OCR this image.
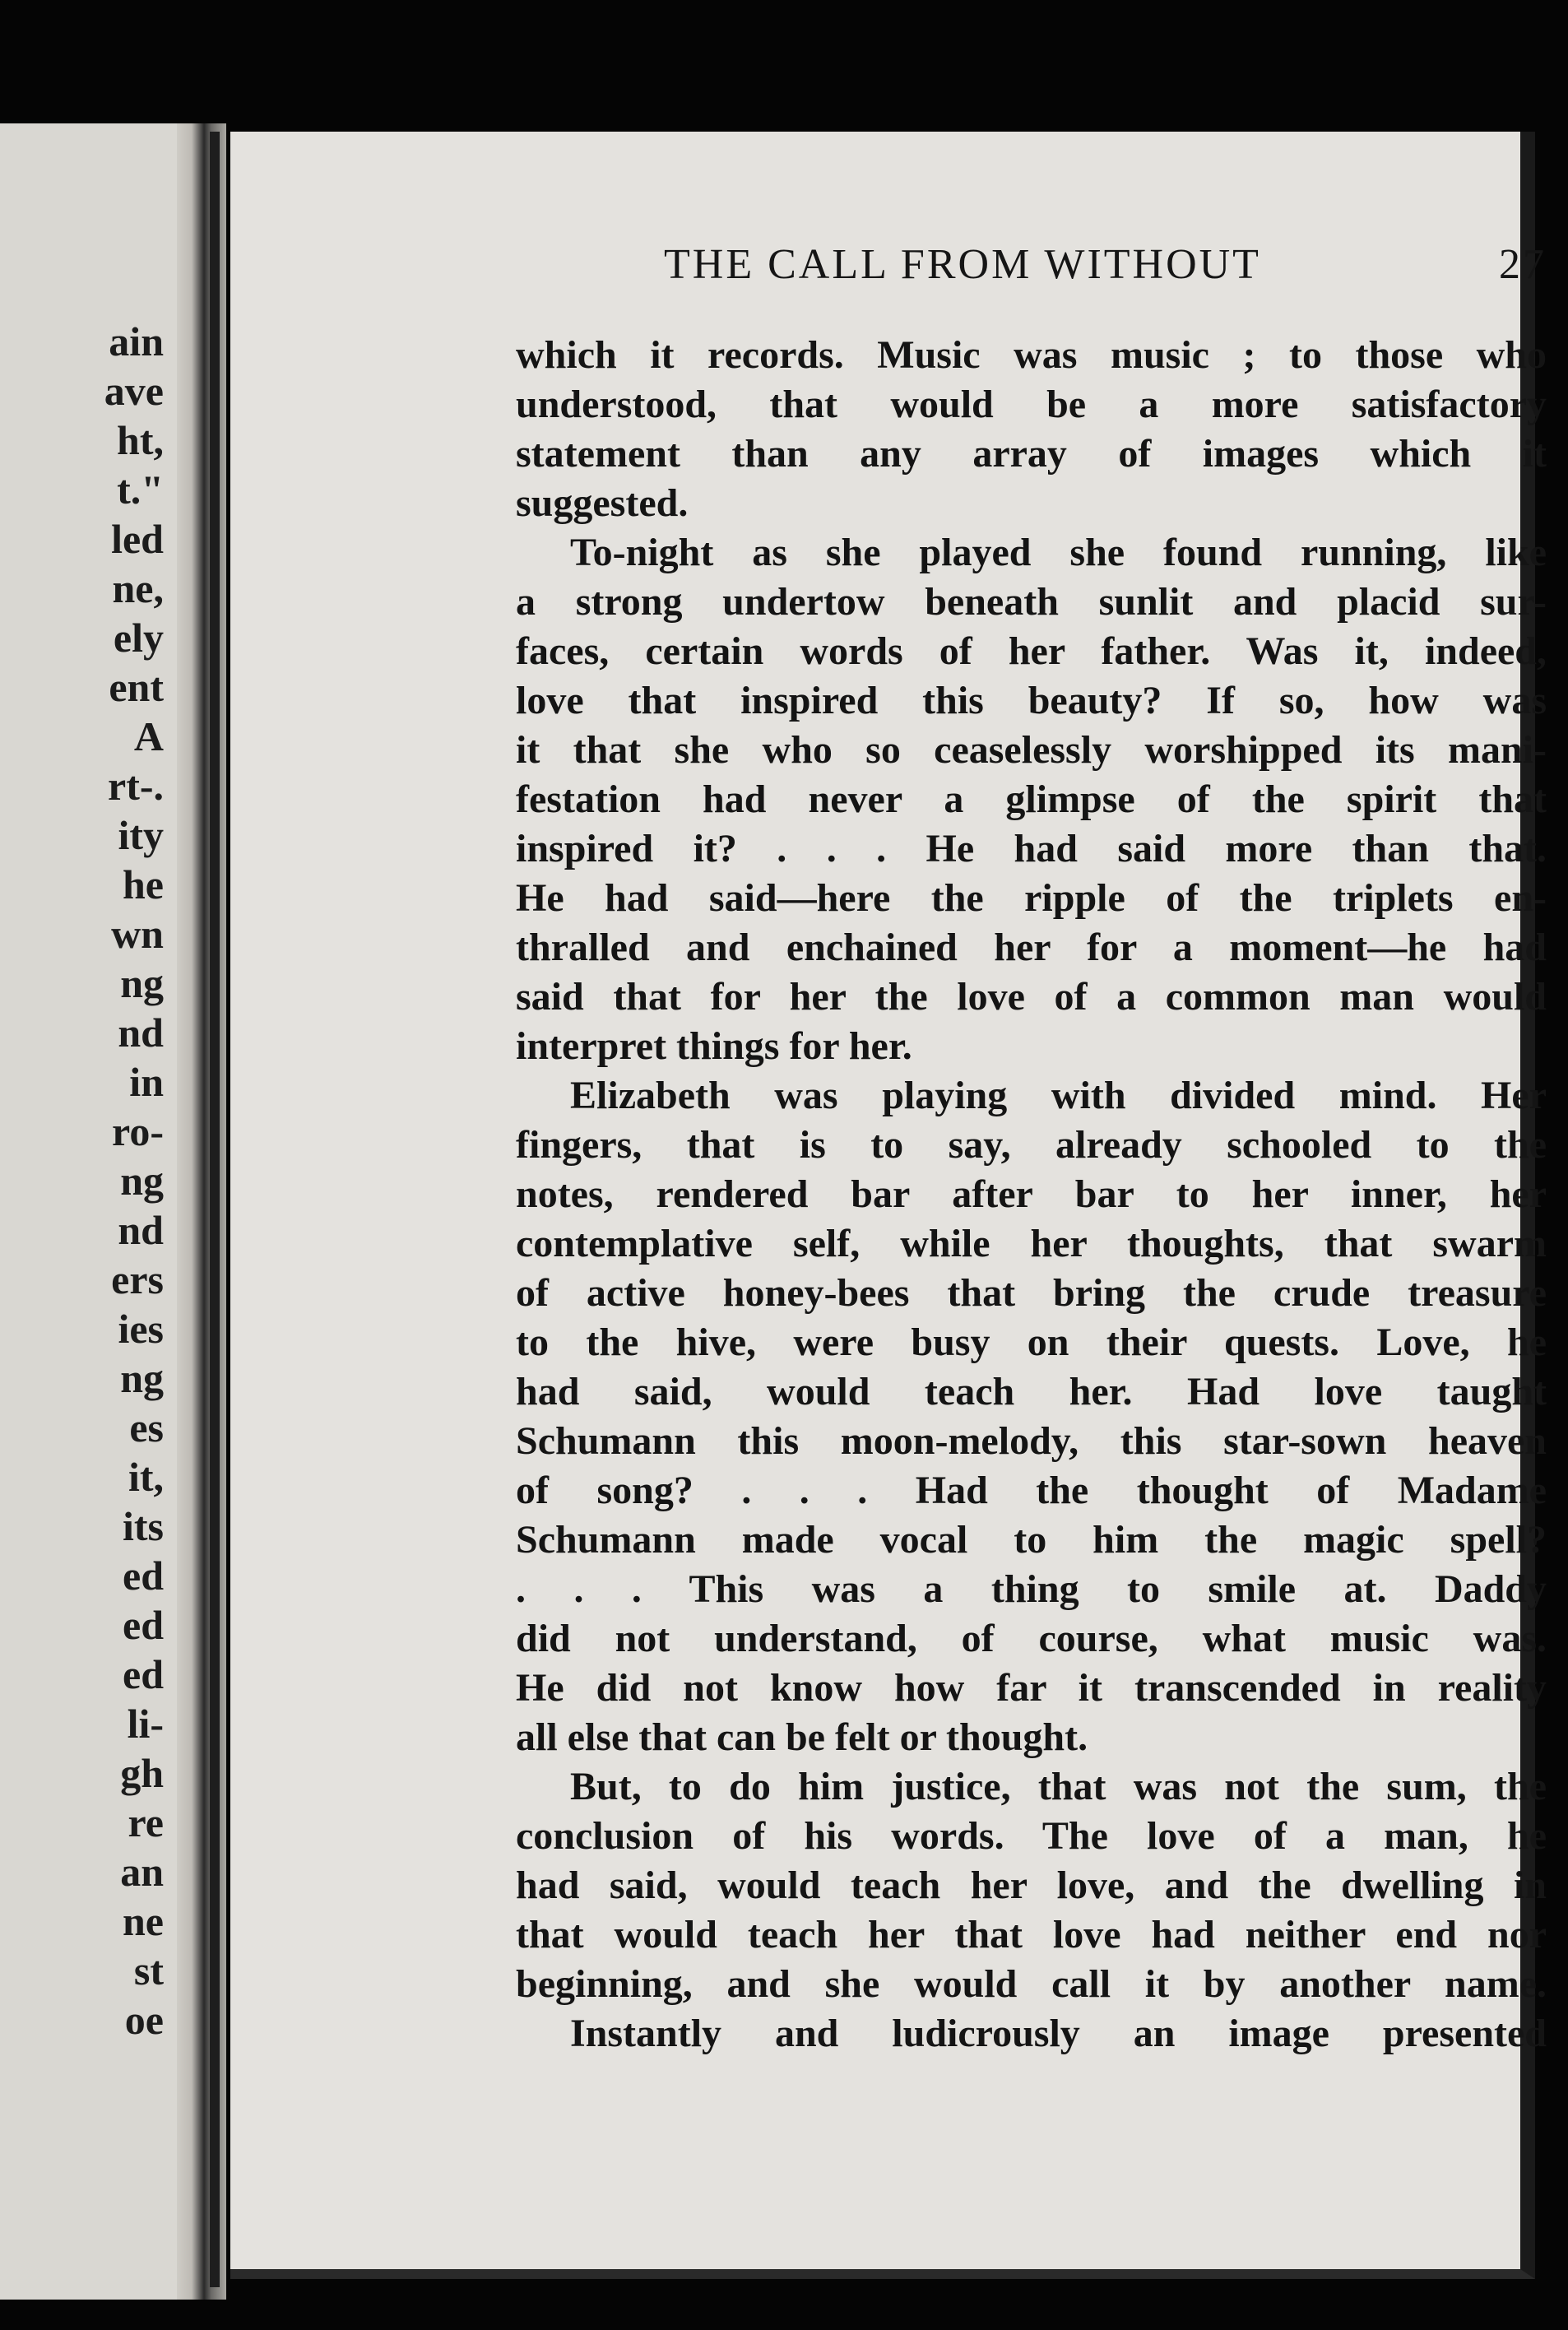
ain
ave
ht,
t."
led
ne,
ely
ent
A
rt-.
ity
he
wn
ng
nd
in
ro-
ng
nd
ers
ies
ng
es
it,
its
ed
ed
ed
li-
gh
re
an
ne
st
oe
THE CALL FROM WITHOUT	27
which it records. Music was music ; to those who
understood, that would be a more satisfactory
statement than any array of images which it
suggested.
To-night as she played she found running, like
a strong undertow beneath sunlit and placid sur-
faces, certain words of her father. Was it, indeed,
love that inspired this beauty? If so, how was
it that she who so ceaselessly worshipped its mani-
festation had never a glimpse of the spirit that
inspired it? . . . He had said more than that.
He had said—here the ripple of the triplets en-
thralled and enchained her for a moment—he had
said that for her the love of a common man would
interpret things for her.
Elizabeth was playing with divided mind. Her
fingers, that is to say, already schooled to the
notes, rendered bar after bar to her inner, her
contemplative self, while her thoughts, that swarm
of active honey-bees that bring the crude treasure
to the hive, were busy on their quests. Love, he
had said, would teach her. Had love taught
Schumann this moon-melody, this star-sown heaven
of song? . . . Had the thought of Madame
Schumann made vocal to him the magic spell?
. . . This was a thing to smile at. Daddy
did not understand, of course, what music was.
He did not know how far it transcended in reality
all else that can be felt or thought.
But, to do him justice, that was not the sum, the
conclusion of his words. The love of a man, he
had said, would teach her love, and the dwelling in
that would teach her that love had neither end nor
beginning, and she would call it by another name.
Instantly and ludicrously an image presented
